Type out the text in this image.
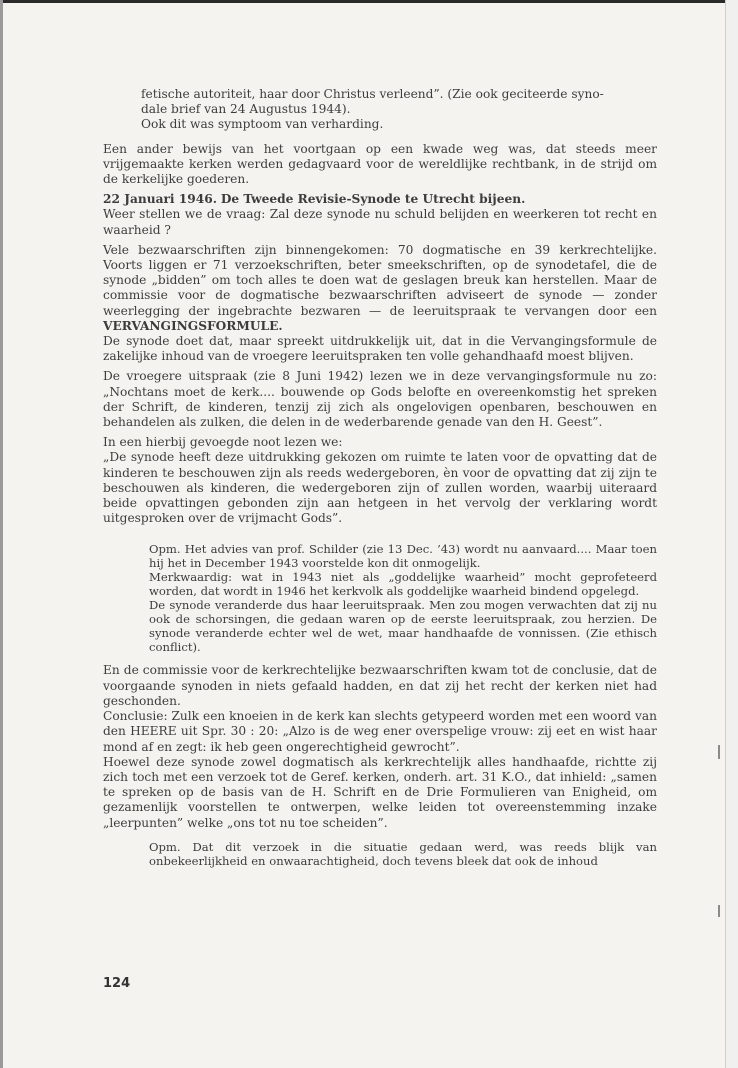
fetische autoriteit, haar door Christus verleend”. (Zie ook geciteerde syno-

dale brief van 24 Augustus 1944).

Ook dit was symptoom van verharding.

Een ander bewijs van het voortgaan op een kwade weg was, dat steeds meer vrijgemaakte kerken werden gedagvaard voor de wereldlijke rechtbank, in de strijd om de kerkelijke goederen.

22 Januari 1946. De Tweede Revisie-Synode te Utrecht bijeen.

Weer stellen we de vraag: Zal deze synode nu schuld belijden en weerkeren tot recht en waarheid ?

Vele bezwaarschriften zijn binnengekomen: 70 dogmatische en 39 kerkrechtelijke. Voorts liggen er 71 verzoekschriften, beter smeekschriften, op de synodetafel, die de synode „bidden” om toch alles te doen wat de geslagen breuk kan herstellen. Maar de commissie voor de dogmatische bezwaarschriften adviseert de synode — zonder weerlegging der ingebrachte bezwaren — de leeruitspraak te vervangen door een VERVANGINGSFORMULE.

De synode doet dat, maar spreekt uitdrukkelijk uit, dat in die Vervangingsformule de zakelijke inhoud van de vroegere leeruitspraken ten volle gehandhaafd moest blijven.

De vroegere uitspraak (zie 8 Juni 1942) lezen we in deze vervangingsformule nu zo: „Nochtans moet de kerk.... bouwende op Gods belofte en overeenkomstig het spreken der Schrift, de kinderen, tenzij zij zich als ongelovigen openbaren, beschouwen en behandelen als zulken, die delen in de wederbarende genade van den H. Geest”.

In een hierbij gevoegde noot lezen we:

„De synode heeft deze uitdrukking gekozen om ruimte te laten voor de opvatting dat de kinderen te beschouwen zijn als reeds wedergeboren, èn voor de opvatting dat zij zijn te beschouwen als kinderen, die wedergeboren zijn of zullen worden, waarbij uiteraard beide opvattingen gebonden zijn aan hetgeen in het vervolg der verklaring wordt uitgesproken over de vrijmacht Gods”.

Opm. Het advies van prof. Schilder (zie 13 Dec. ’43) wordt nu aanvaard.... Maar toen hij het in December 1943 voorstelde kon dit onmogelijk.

Merkwaardig: wat in 1943 niet als „goddelijke waarheid” mocht geprofeteerd worden, dat wordt in 1946 het kerkvolk als goddelijke waarheid bindend opgelegd.

De synode veranderde dus haar leeruitspraak. Men zou mogen verwachten dat zij nu ook de schorsingen, die gedaan waren op de eerste leeruitspraak, zou herzien. De synode veranderde echter wel de wet, maar handhaafde de vonnissen. (Zie ethisch conflict).

En de commissie voor de kerkrechtelijke bezwaarschriften kwam tot de conclusie, dat de voorgaande synoden in niets gefaald hadden, en dat zij het recht der kerken niet had geschonden.

Conclusie: Zulk een knoeien in de kerk kan slechts getypeerd worden met een woord van den HEERE uit Spr. 30 : 20: „Alzo is de weg ener overspelige vrouw: zij eet en wist haar mond af en zegt: ik heb geen ongerechtigheid gewrocht”.

Hoewel deze synode zowel dogmatisch als kerkrechtelijk alles handhaafde, richtte zij zich toch met een verzoek tot de Geref. kerken, onderh. art. 31 K.O., dat inhield: „samen te spreken op de basis van de H. Schrift en de Drie Formulieren van Enigheid, om gezamenlijk voorstellen te ontwerpen, welke leiden tot overeenstemming inzake „leerpunten” welke „ons tot nu toe scheiden”.

Opm. Dat dit verzoek in die situatie gedaan werd, was reeds blijk van onbekeerlijkheid en onwaarachtigheid, doch tevens bleek dat ook de inhoud

124
